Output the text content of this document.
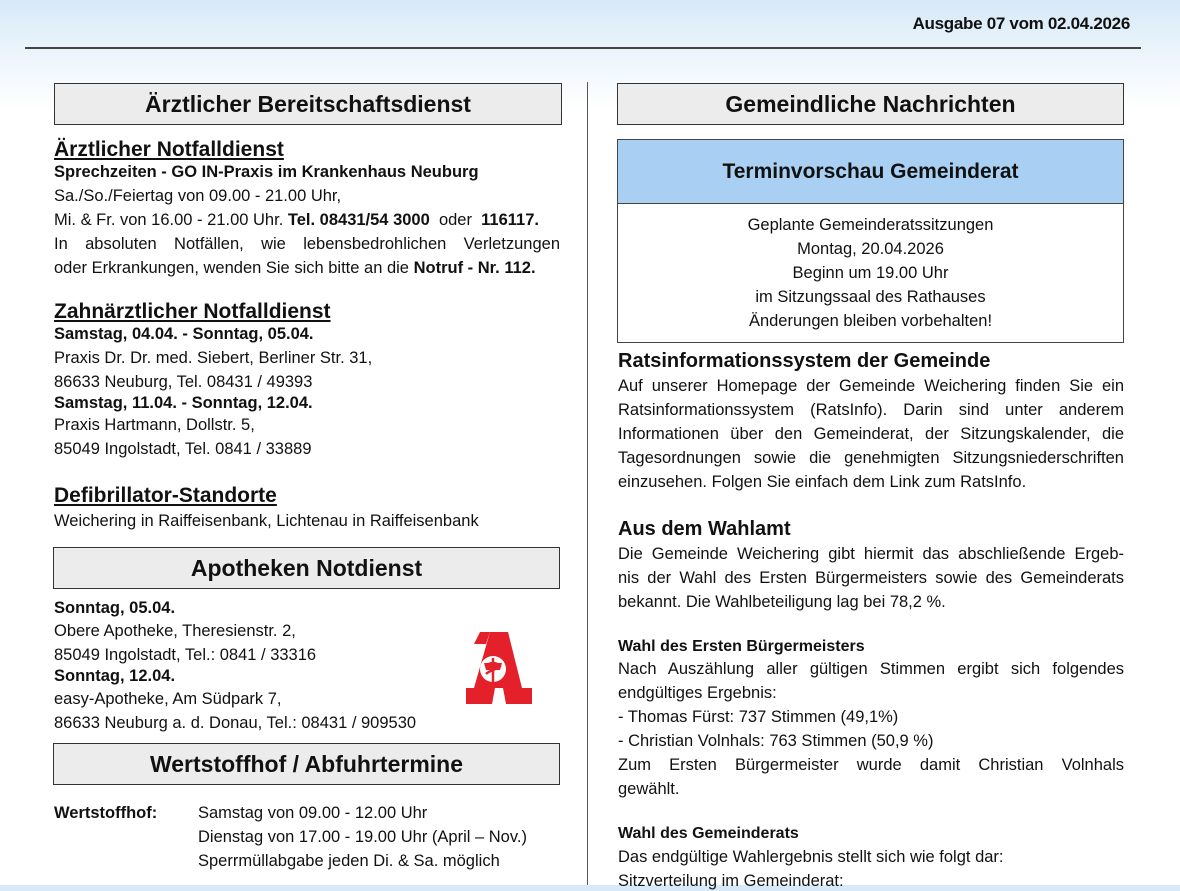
Ausgabe 07 vom 02.04.2026
Ärztlicher Bereitschaftsdienst
Ärztlicher Notfalldienst
Sprechzeiten - GO IN-Praxis im Krankenhaus Neuburg
Sa./So./Feiertag von 09.00 - 21.00 Uhr,
Mi. & Fr. von 16.00 - 21.00 Uhr. Tel. 08431/54 3000 oder 116117.
In absoluten Notfällen, wie lebensbedrohlichen Verletzungen
oder Erkrankungen, wenden Sie sich bitte an die Notruf - Nr. 112.
Zahnärztlicher Notfalldienst
Samstag, 04.04. - Sonntag, 05.04.
Praxis Dr. Dr. med. Siebert, Berliner Str. 31,
86633 Neuburg, Tel. 08431 / 49393
Samstag, 11.04. - Sonntag, 12.04.
Praxis Hartmann, Dollstr. 5,
85049 Ingolstadt, Tel. 0841 / 33889
Defibrillator-Standorte
Weichering in Raiffeisenbank, Lichtenau in Raiffeisenbank
Apotheken Notdienst
Sonntag, 05.04.
Obere Apotheke, Theresienstr. 2,
85049 Ingolstadt, Tel.: 0841 / 33316
Sonntag, 12.04.
easy-Apotheke, Am Südpark 7,
86633 Neuburg a. d. Donau, Tel.: 08431 / 909530
Wertstoffhof / Abfuhrtermine
Wertstoffhof: Samstag von 09.00 - 12.00 Uhr
Dienstag von 17.00 - 19.00 Uhr (April – Nov.)
Sperrmüllabgabe jeden Di. & Sa. möglich
Gemeindliche Nachrichten
Terminvorschau Gemeinderat
Geplante Gemeinderatssitzungen
Montag, 20.04.2026
Beginn um 19.00 Uhr
im Sitzungssaal des Rathauses
Änderungen bleiben vorbehalten!
Ratsinformationssystem der Gemeinde
Auf unserer Homepage der Gemeinde Weichering finden Sie ein
Ratsinformationssystem (RatsInfo). Darin sind unter anderem
Informationen über den Gemeinderat, der Sitzungskalender, die
Tagesordnungen sowie die genehmigten Sitzungsniederschriften
einzusehen. Folgen Sie einfach dem Link zum RatsInfo.
Aus dem Wahlamt
Die Gemeinde Weichering gibt hiermit das abschließende Ergeb-
nis der Wahl des Ersten Bürgermeisters sowie des Gemeinderats
bekannt. Die Wahlbeteiligung lag bei 78,2 %.
Wahl des Ersten Bürgermeisters
Nach Auszählung aller gültigen Stimmen ergibt sich folgendes
endgültiges Ergebnis:
- Thomas Fürst: 737 Stimmen (49,1%)
- Christian Volnhals: 763 Stimmen (50,9 %)
Zum Ersten Bürgermeister wurde damit Christian Volnhals
gewählt.
Wahl des Gemeinderats
Das endgültige Wahlergebnis stellt sich wie folgt dar:
Sitzverteilung im Gemeinderat:
